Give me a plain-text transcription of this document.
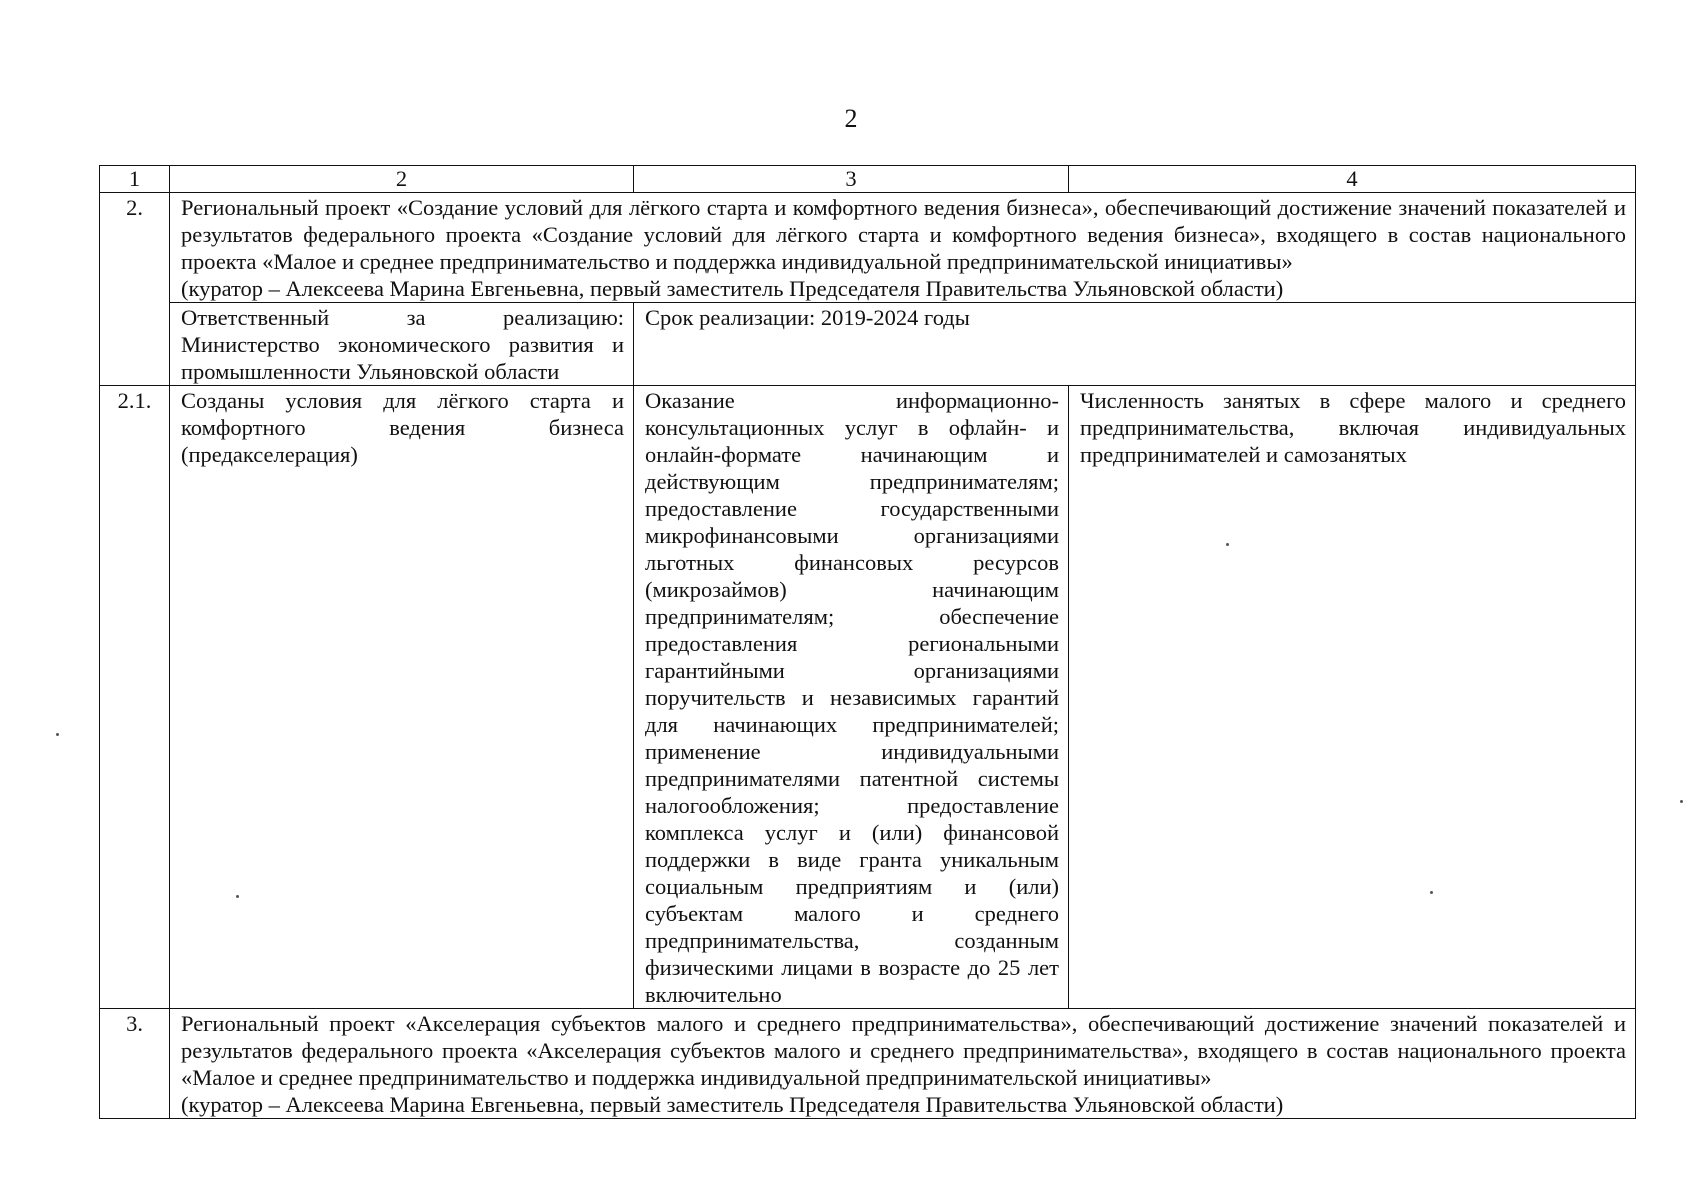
2
1	2	3	4
2.	Региональный проект «Создание условий для лёгкого старта и комфортного ведения бизнеса», обеспечивающий достижение значений показателей и результатов федерального проекта «Создание условий для лёгкого старта и комфортного ведения бизнеса», входящего в состав национального проекта «Малое и среднее предпринимательство и поддержка индивидуальной предпринимательской инициативы»
(куратор – Алексеева Марина Евгеньевна, первый заместитель Председателя Правительства Ульяновской области)		

	Ответственный за реализацию: Министерство экономического развития и промышленности Ульяновской области	Срок реализации: 2019-2024 годы	
2.1.	Созданы условия для лёгкого старта и комфортного ведения бизнеса (предакселерация)	Оказание информационно-консультационных услуг в офлайн- и онлайн-формате начинающим и действующим предпринимателям; предоставление государственными микрофинансовыми организациями льготных финансовых ресурсов (микрозаймов) начинающим предпринимателям; обеспечение предоставления региональными гарантийными организациями поручительств и независимых гарантий для начинающих предпринимателей; применение индивидуальными предпринимателями патентной системы налогообложения; предоставление комплекса услуг и (или) финансовой поддержки в виде гранта уникальным социальным предприятиям и (или) субъектам малого и среднего предпринимательства, созданным физическими лицами в возрасте до 25 лет включительно	Численность занятых в сфере малого и среднего предпринимательства, включая индивидуальных предпринимателей и самозанятых
3.	Региональный проект «Акселерация субъектов малого и среднего предпринимательства», обеспечивающий достижение значений показателей и результатов федерального проекта «Акселерация субъектов малого и среднего предпринимательства», входящего в состав национального проекта «Малое и среднее предпринимательство и поддержка индивидуальной предпринимательской инициативы»
(куратор – Алексеева Марина Евгеньевна, первый заместитель Председателя Правительства Ульяновской области)		
